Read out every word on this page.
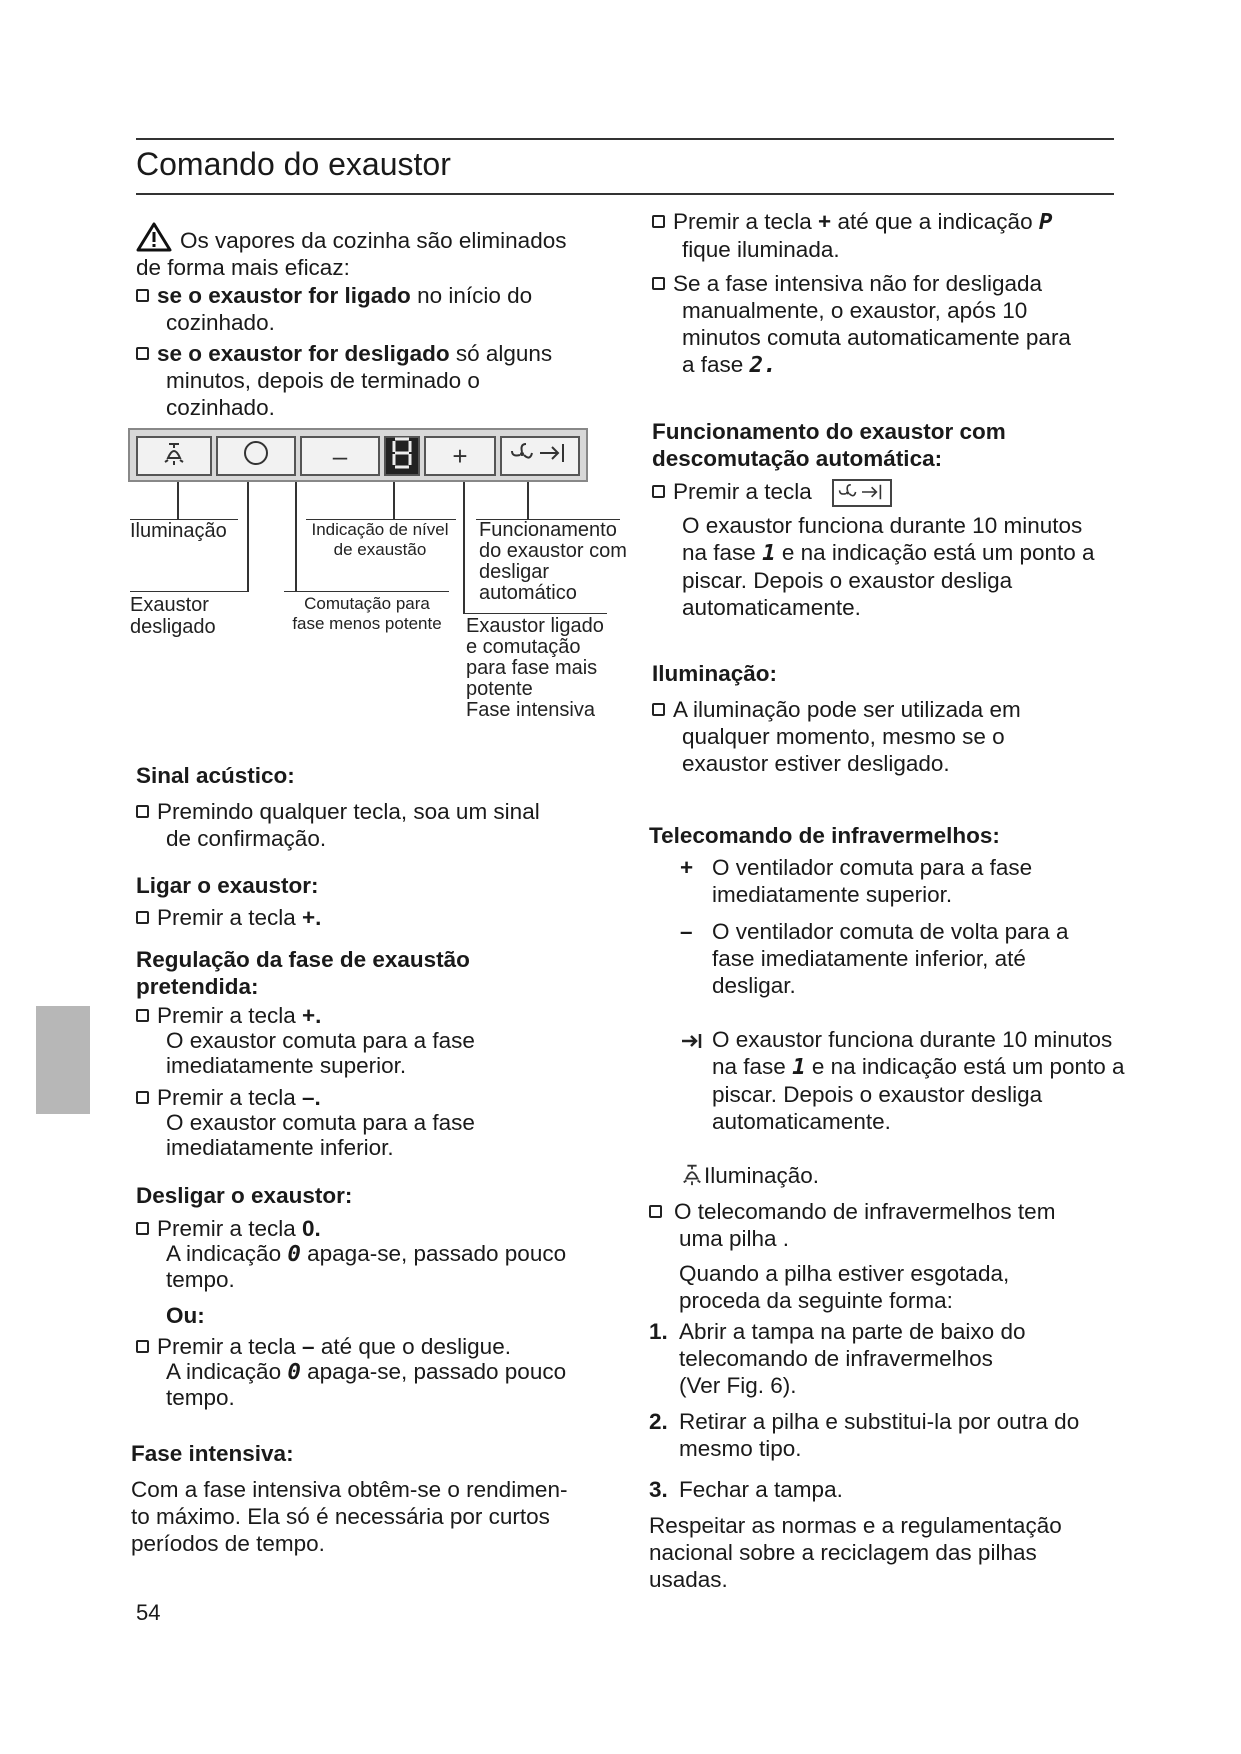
Comando do exaustor
Os vapores da cozinha são eliminados
de forma mais eficaz:
se o exaustor for ligado no início do
cozinhado.
se o exaustor for desligado só alguns
minutos, depois de terminado o
cozinhado.
–	+
Iluminação	Indicação de nível
de exaustão
Funcionamento
do exaustor com
desligar
automático
Exaustor
desligado
Comutação para
fase menos potente	Exaustor ligado
e comutação
para fase mais
potente
Fase intensiva
Sinal acústico:
Premindo qualquer tecla, soa um sinal
de confirmação.
Ligar o exaustor:
Premir a tecla +.
Regulação da fase de exaustão
pretendida:
Premir a tecla +.
O exaustor comuta para a fase
imediatamente superior.
Premir a tecla –.
O exaustor comuta para a fase
imediatamente inferior.
Desligar o exaustor:
Premir a tecla 0.
A indicação 0 apaga-se, passado pouco
tempo.
Ou:
Premir a tecla – até que o desligue.
A indicação 0 apaga-se, passado pouco
tempo.
Fase intensiva:
Com a fase intensiva obtêm-se o rendimen-
to máximo. Ela só é necessária por curtos
períodos de tempo.
54
Premir a tecla + até que a indicação P
fique iluminada.
Se a fase intensiva não for desligada
manualmente, o exaustor, após 10
minutos comuta automaticamente para
a fase 2.
Funcionamento do exaustor com
descomutação automática:
Premir a tecla
O exaustor funciona durante 10 minutos
na fase 1 e na indicação está um ponto a
piscar. Depois o exaustor desliga
automaticamente.
Iluminação:
A iluminação pode ser utilizada em
qualquer momento, mesmo se o
exaustor estiver desligado.
Telecomando de infravermelhos:
+ O ventilador comuta para a fase
imediatamente superior.
– O ventilador comuta de volta para a
fase imediatamente inferior, até
desligar.
O exaustor funciona durante 10 minutos
na fase 1 e na indicação está um ponto a
piscar. Depois o exaustor desliga
automaticamente.
Iluminação.
O telecomando de infravermelhos tem
uma pilha .
Quando a pilha estiver esgotada,
proceda da seguinte forma:
1. Abrir a tampa na parte de baixo do
telecomando de infravermelhos
(Ver Fig. 6).
2. Retirar a pilha e substitui-la por outra do
mesmo tipo.
3. Fechar a tampa.
Respeitar as normas e a regulamentação
nacional sobre a reciclagem das pilhas
usadas.
